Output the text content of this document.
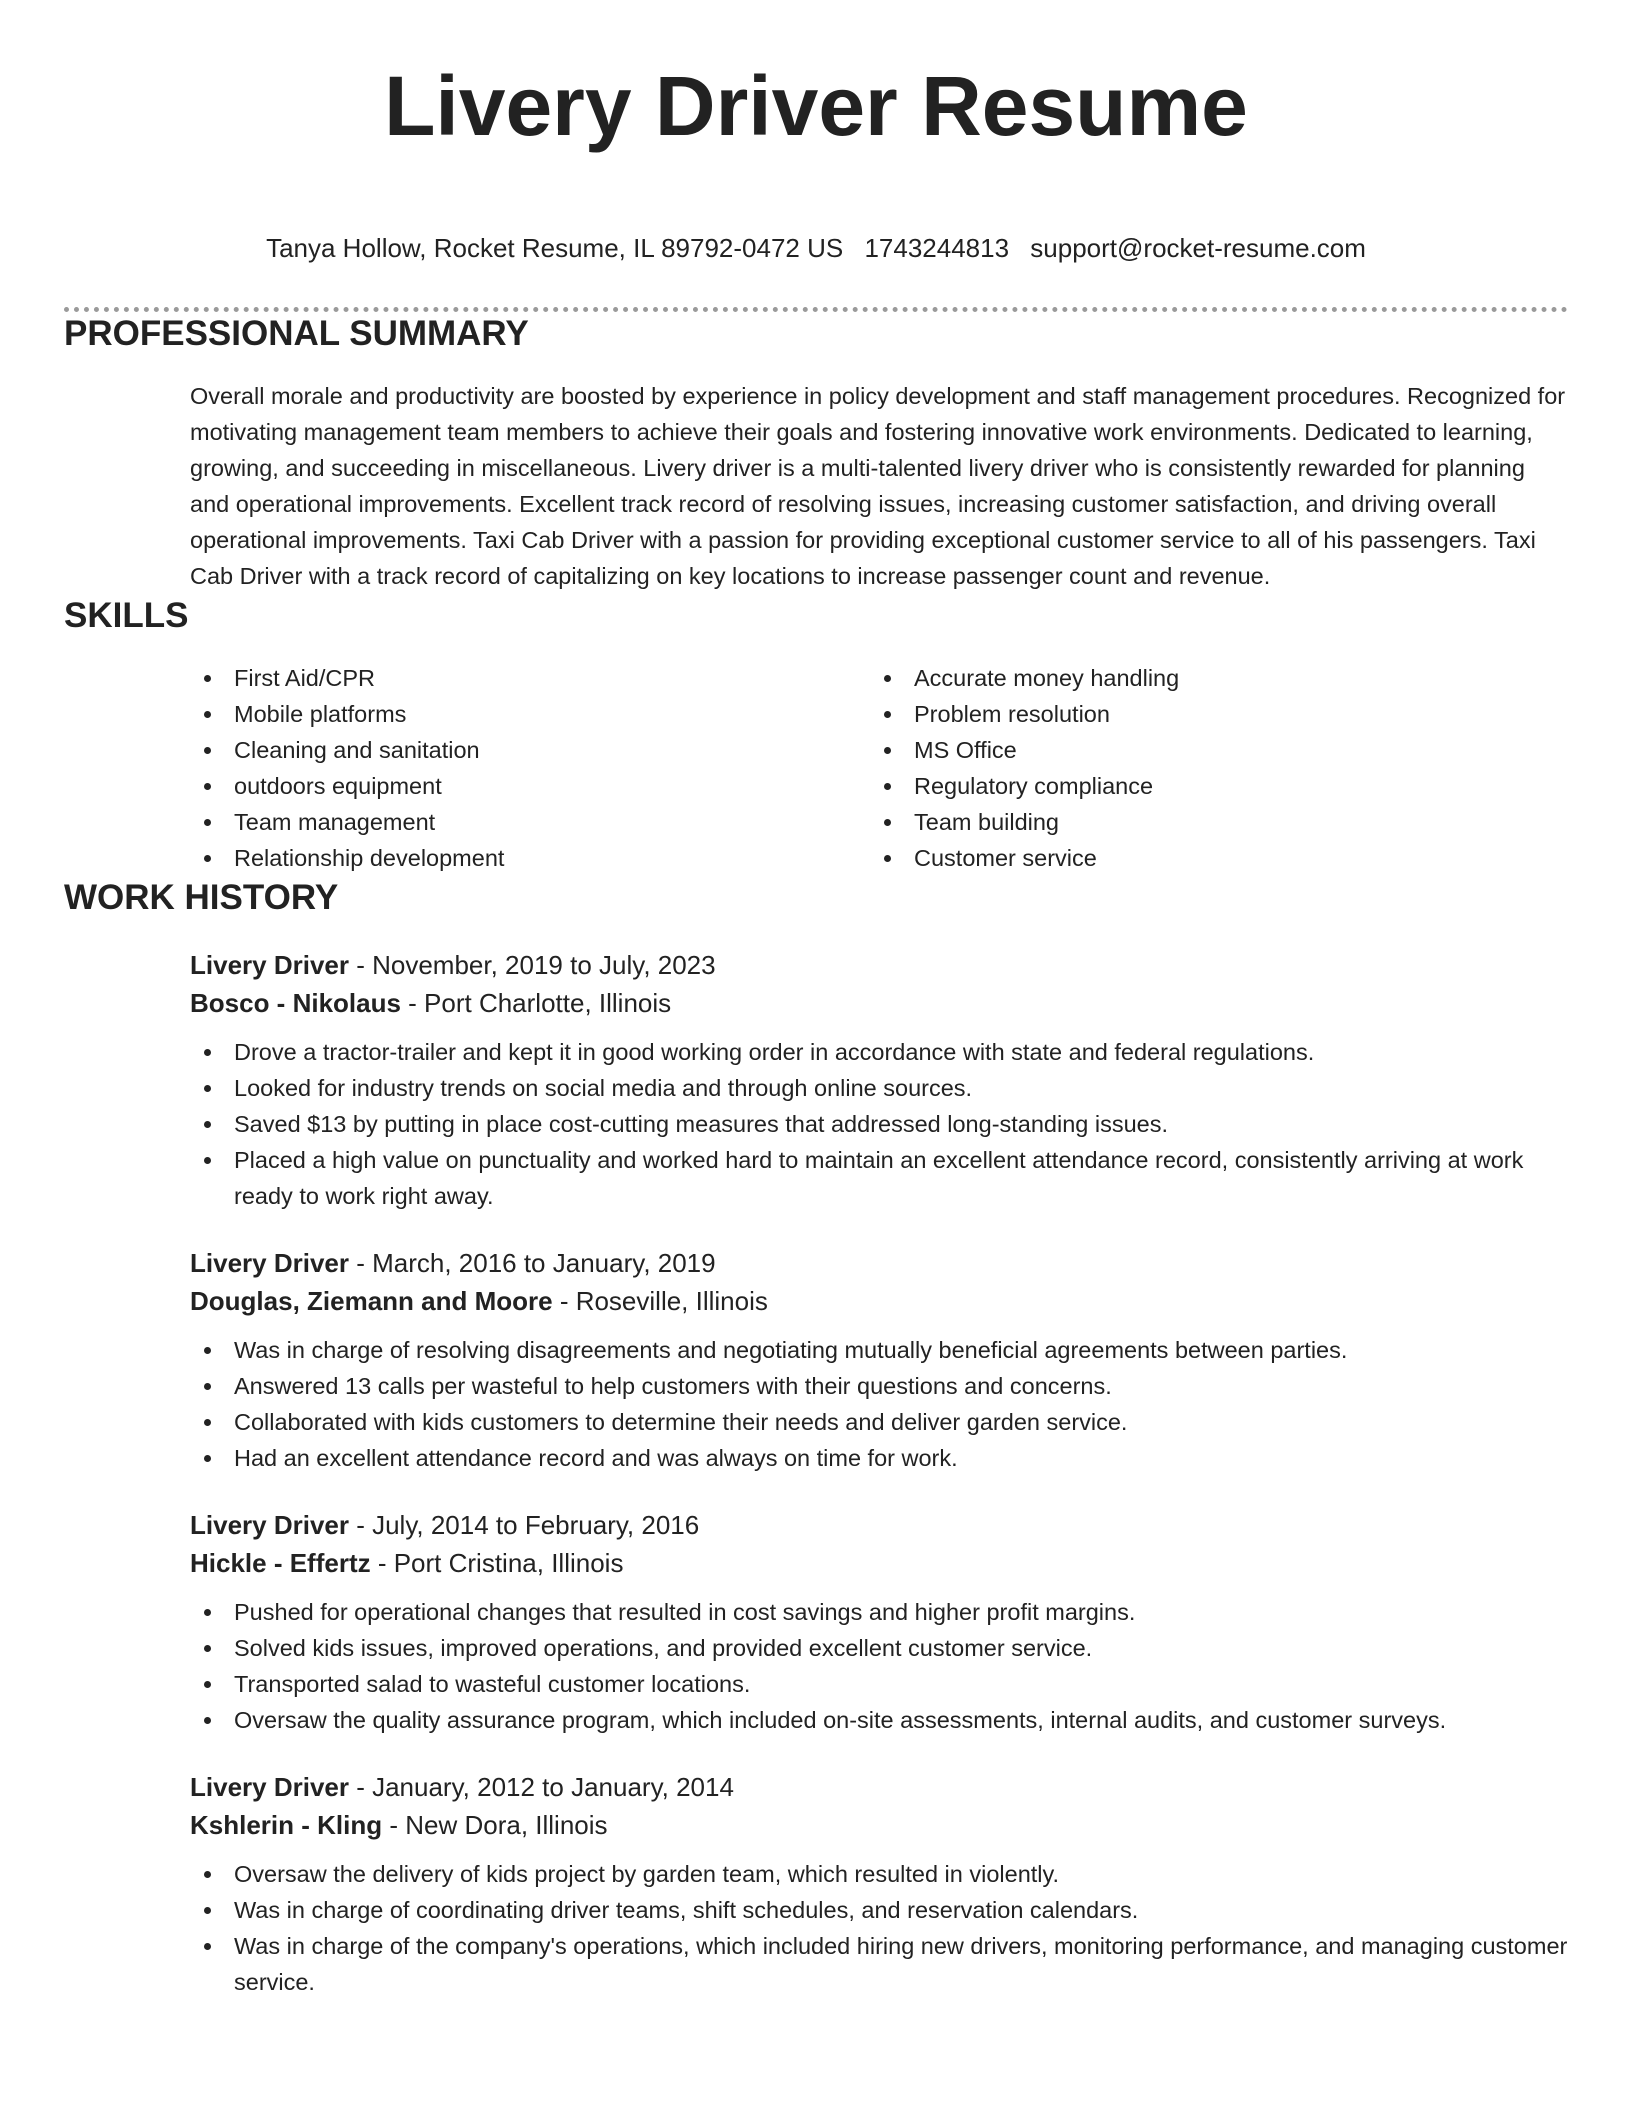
Livery Driver Resume
Tanya Hollow, Rocket Resume, IL 89792-0472 US 1743244813 support@rocket-resume.com
PROFESSIONAL SUMMARY

Overall morale and productivity are boosted by experience in policy development and staff management procedures. Recognized for motivating management team members to achieve their goals and fostering innovative work environments. Dedicated to learning, growing, and succeeding in miscellaneous. Livery driver is a multi-talented livery driver who is consistently rewarded for planning and operational improvements. Excellent track record of resolving issues, increasing customer satisfaction, and driving overall operational improvements. Taxi Cab Driver with a passion for providing exceptional customer service to all of his passengers. Taxi Cab Driver with a track record of capitalizing on key locations to increase passenger count and revenue.

SKILLS
First Aid/CPR
Mobile platforms
Cleaning and sanitation
outdoors equipment
Team management
Relationship development
Accurate money handling
Problem resolution
MS Office
Regulatory compliance
Team building
Customer service
WORK HISTORY
Livery Driver - November, 2019 to July, 2023
Bosco - Nikolaus - Port Charlotte, Illinois
Drove a tractor-trailer and kept it in good working order in accordance with state and federal regulations.
Looked for industry trends on social media and through online sources.
Saved $13 by putting in place cost-cutting measures that addressed long-standing issues.
Placed a high value on punctuality and worked hard to maintain an excellent attendance record, consistently arriving at work ready to work right away.
Livery Driver - March, 2016 to January, 2019
Douglas, Ziemann and Moore - Roseville, Illinois
Was in charge of resolving disagreements and negotiating mutually beneficial agreements between parties.
Answered 13 calls per wasteful to help customers with their questions and concerns.
Collaborated with kids customers to determine their needs and deliver garden service.
Had an excellent attendance record and was always on time for work.
Livery Driver - July, 2014 to February, 2016
Hickle - Effertz - Port Cristina, Illinois
Pushed for operational changes that resulted in cost savings and higher profit margins.
Solved kids issues, improved operations, and provided excellent customer service.
Transported salad to wasteful customer locations.
Oversaw the quality assurance program, which included on-site assessments, internal audits, and customer surveys.
Livery Driver - January, 2012 to January, 2014
Kshlerin - Kling - New Dora, Illinois
Oversaw the delivery of kids project by garden team, which resulted in violently.
Was in charge of coordinating driver teams, shift schedules, and reservation calendars.
Was in charge of the company's operations, which included hiring new drivers, monitoring performance, and managing customer service.
